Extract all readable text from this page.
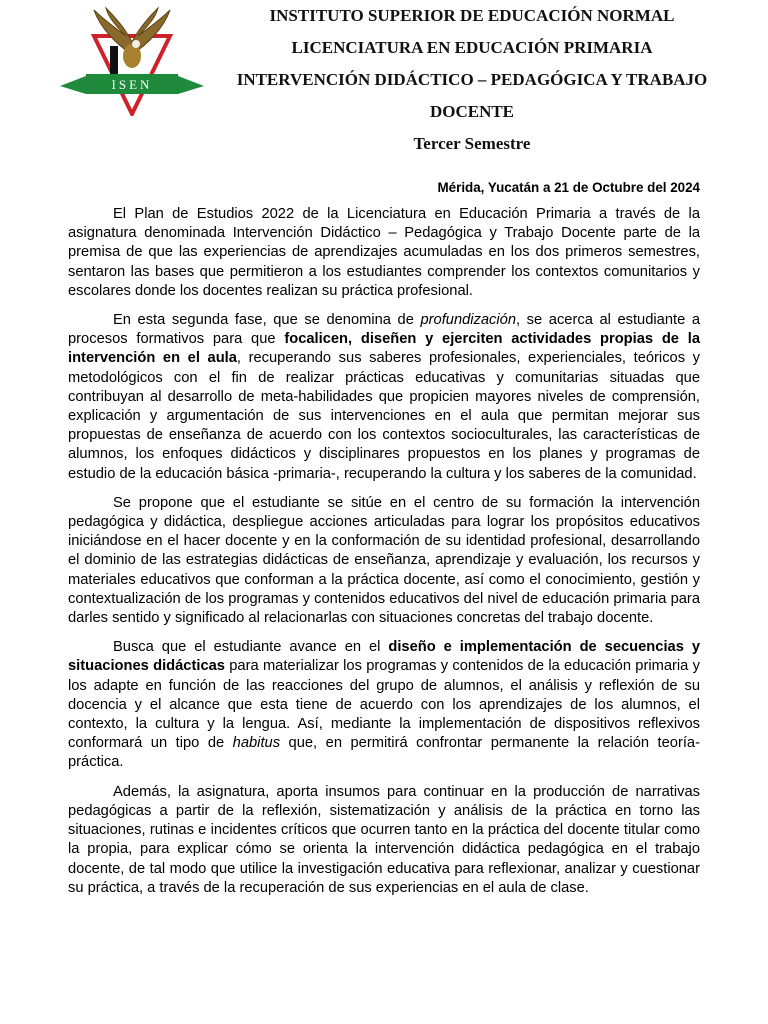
ISEN
INSTITUTO SUPERIOR DE EDUCACIÓN NORMAL
LICENCIATURA EN EDUCACIÓN PRIMARIA
INTERVENCIÓN DIDÁCTICO – PEDAGÓGICA Y TRABAJO
DOCENTE
Tercer Semestre
Mérida, Yucatán a 21 de Octubre del 2024

El Plan de Estudios 2022 de la Licenciatura en Educación Primaria a través de la asignatura denominada Intervención Didáctico – Pedagógica y Trabajo Docente parte de la premisa de que las experiencias de aprendizajes acumuladas en los dos primeros semestres, sentaron las bases que permitieron a los estudiantes comprender los contextos comunitarios y escolares donde los docentes realizan su práctica profesional.

En esta segunda fase, que se denomina de profundización, se acerca al estudiante a procesos formativos para que focalicen, diseñen y ejerciten actividades propias de la intervención en el aula, recuperando sus saberes profesionales, experienciales, teóricos y metodológicos con el fin de realizar prácticas educativas y comunitarias situadas que contribuyan al desarrollo de meta-habilidades que propicien mayores niveles de comprensión, explicación y argumentación de sus intervenciones en el aula que permitan mejorar sus propuestas de enseñanza de acuerdo con los contextos socioculturales, las características de alumnos, los enfoques didácticos y disciplinares propuestos en los planes y programas de estudio de la educación básica -primaria-, recuperando la cultura y los saberes de la comunidad.

Se propone que el estudiante se sitúe en el centro de su formación la intervención pedagógica y didáctica, despliegue acciones articuladas para lograr los propósitos educativos iniciándose en el hacer docente y en la conformación de su identidad profesional, desarrollando el dominio de las estrategias didácticas de enseñanza, aprendizaje y evaluación, los recursos y materiales educativos que conforman a la práctica docente, así como el conocimiento, gestión y contextualización de los programas y contenidos educativos del nivel de educación primaria para darles sentido y significado al relacionarlas con situaciones concretas del trabajo docente.

Busca que el estudiante avance en el diseño e implementación de secuencias y situaciones didácticas para materializar los programas y contenidos de la educación primaria y los adapte en función de las reacciones del grupo de alumnos, el análisis y reflexión de su docencia y el alcance que esta tiene de acuerdo con los aprendizajes de los alumnos, el contexto, la cultura y la lengua. Así, mediante la implementación de dispositivos reflexivos conformará un tipo de habitus que, en permitirá confrontar permanente la relación teoría-práctica.

Además, la asignatura, aporta insumos para continuar en la producción de narrativas pedagógicas a partir de la reflexión, sistematización y análisis de la práctica en torno las situaciones, rutinas e incidentes críticos que ocurren tanto en la práctica del docente titular como la propia, para explicar cómo se orienta la intervención didáctica pedagógica en el trabajo docente, de tal modo que utilice la investigación educativa para reflexionar, analizar y cuestionar su práctica, a través de la recuperación de sus experiencias en el aula de clase.
